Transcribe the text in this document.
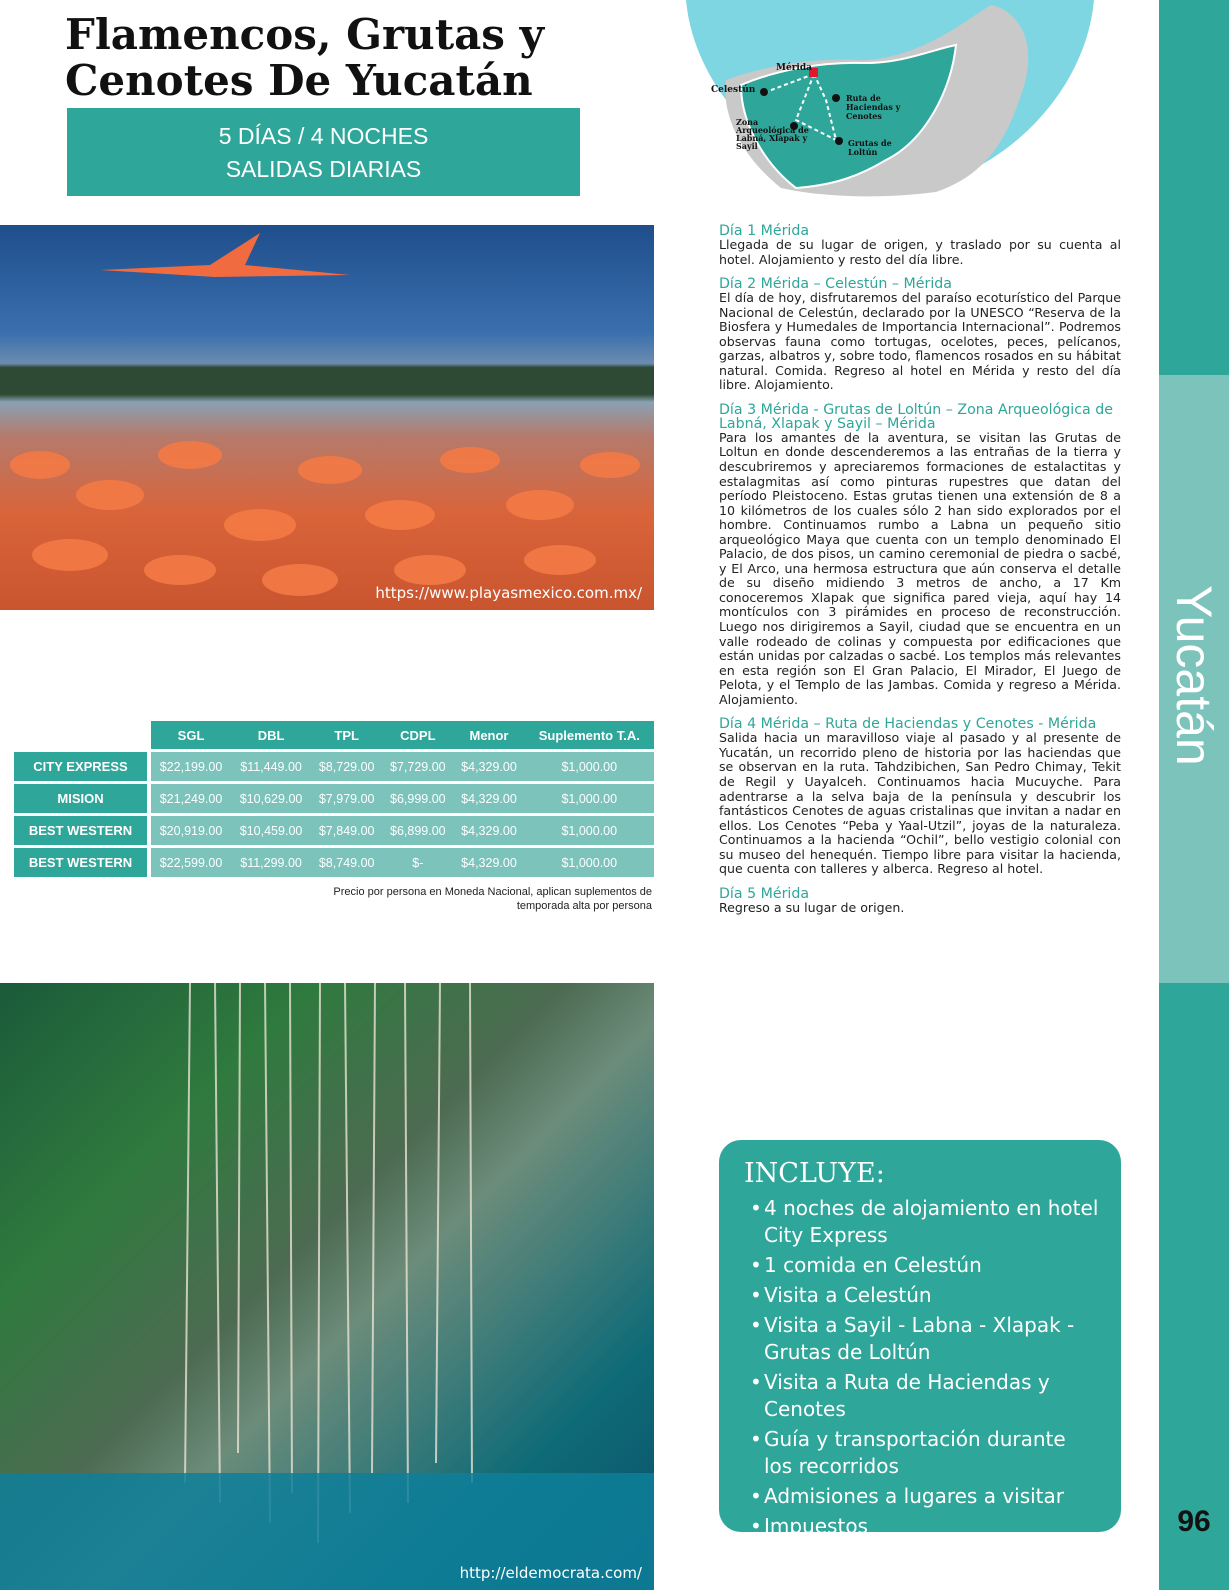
Flamencos, Grutas y
Cenotes De Yucatán
5 DÍAS / 4 NOCHES
SALIDAS DIARIAS
Mérida
Celestún
Ruta de
Haciendas y
Cenotes
Zona
Arqueológica de
Labná, Xlapak y
Sayil	Grutas de
Loltún
Yucatán
96
https://www.playasmexico.com.mx/
Día 1 Mérida

Llegada de su lugar de origen, y traslado por su cuenta al hotel. Alojamiento y resto del día libre.

Día 2 Mérida – Celestún – Mérida

El día de hoy, disfrutaremos del paraíso ecoturístico del Parque Nacional de Celestún, declarado por la UNESCO “Reserva de la Biosfera y Humedales de Importancia Internacional”. Podremos observas fauna como tortugas, ocelotes, peces, pelícanos, garzas, albatros y, sobre todo, flamencos rosados en su hábitat natural. Comida. Regreso al hotel en Mérida y resto del día libre. Alojamiento.

Día 3 Mérida - Grutas de Loltún – Zona Arqueológica de Labná, Xlapak y Sayil – Mérida

Para los amantes de la aventura, se visitan las Grutas de Loltun en donde descenderemos a las entrañas de la tierra y descubriremos y apreciaremos formaciones de estalactitas y estalagmitas así como pinturas rupestres que datan del período Pleistoceno. Estas grutas tienen una extensión de 8 a 10 kilómetros de los cuales sólo 2 han sido explorados por el hombre. Continuamos rumbo a Labna un pequeño sitio arqueológico Maya que cuenta con un templo denominado El Palacio, de dos pisos, un camino ceremonial de piedra o sacbé, y El Arco, una hermosa estructura que aún conserva el detalle de su diseño midiendo 3 metros de ancho, a 17 Km conoceremos Xlapak que significa pared vieja, aquí hay 14 montículos con 3 pirámides en proceso de reconstrucción. Luego nos dirigiremos a Sayil, ciudad que se encuentra en un valle rodeado de colinas y compuesta por edificaciones que están unidas por calzadas o sacbé. Los templos más relevantes en esta región son El Gran Palacio, El Mirador, El Juego de Pelota, y el Templo de las Jambas. Comida y regreso a Mérida. Alojamiento.

Día 4 Mérida – Ruta de Haciendas y Cenotes - Mérida

Salida hacia un maravilloso viaje al pasado y al presente de Yucatán, un recorrido pleno de historia por las haciendas que se observan en la ruta. Tahdzibichen, San Pedro Chimay, Tekit de Regil y Uayalceh. Continuamos hacia Mucuyche. Para adentrarse a la selva baja de la península y descubrir los fantásticos Cenotes de aguas cristalinas que invitan a nadar en ellos. Los Cenotes “Peba y Yaal-Utzil”, joyas de la naturaleza. Continuamos a la hacienda “Ochil”, bello vestigio colonial con su museo del henequén. Tiempo libre para visitar la hacienda, que cuenta con talleres y alberca. Regreso al hotel.

Día 5 Mérida

Regreso a su lugar de origen.

		SGL	DBL	TPL	CDPL	Menor	Suplemento T.A.
CITY EXPRESS		$22,199.00	$11,449.00	$8,729.00	$7,729.00	$4,329.00	$1,000.00
MISION		$21,249.00	$10,629.00	$7,979.00	$6,999.00	$4,329.00	$1,000.00
BEST WESTERN		$20,919.00	$10,459.00	$7,849.00	$6,899.00	$4,329.00	$1,000.00
BEST WESTERN		$22,599.00	$11,299.00	$8,749.00	$-	$4,329.00	$1,000.00
Precio por persona en Moneda Nacional, aplican suplementos de
temporada alta por persona
http://eldemocrata.com/
INCLUYE:
• 4 noches de alojamiento en hotel City Express
• 1 comida en Celestún
• Visita a Celestún
• Visita a Sayil - Labna - Xlapak - Grutas de Loltún
• Visita a Ruta de Haciendas y Cenotes
• Guía y transportación durante los recorridos
• Admisiones a lugares a visitar
• Impuestos
